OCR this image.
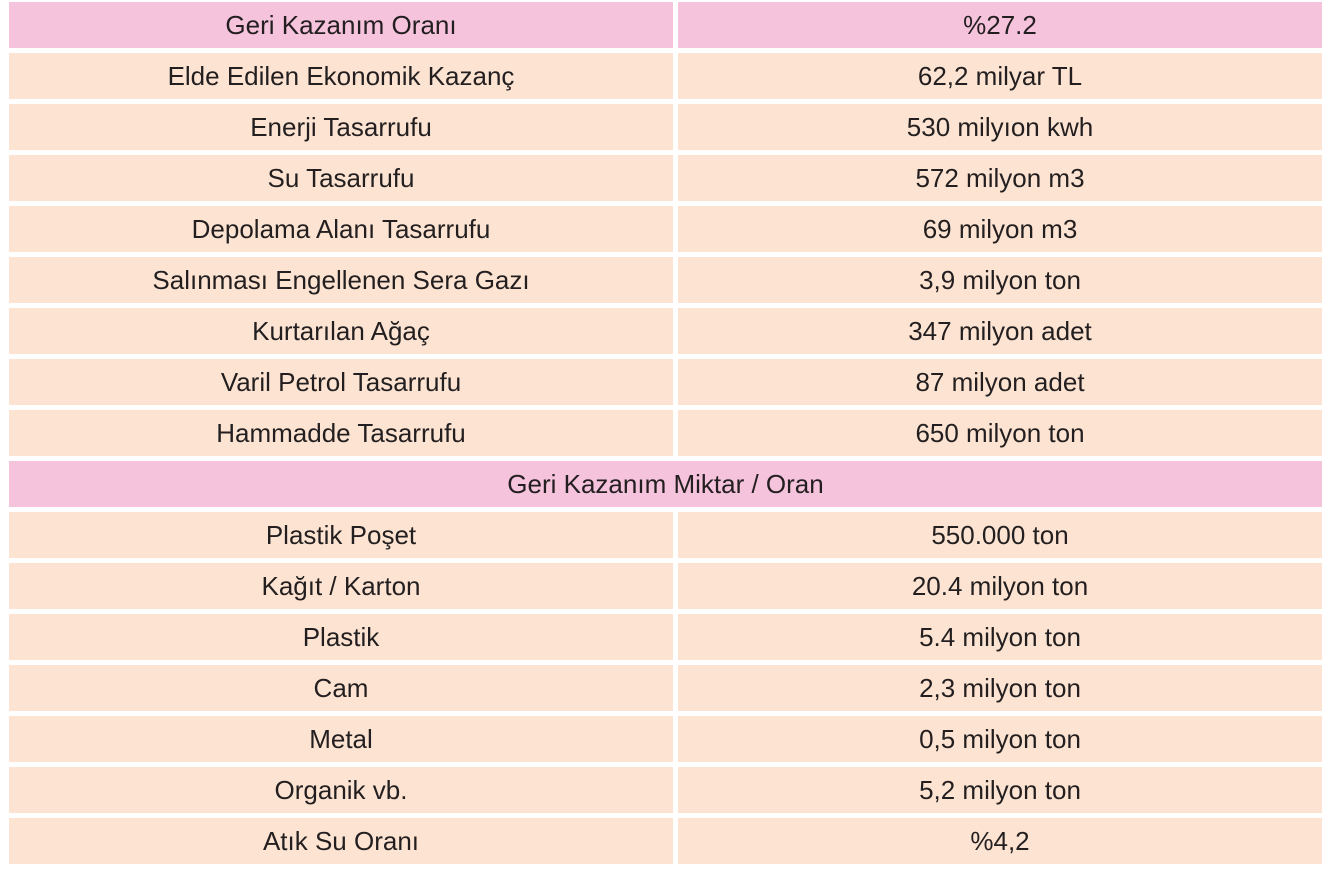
Geri Kazanım Oranı	%27.2
Elde Edilen Ekonomik Kazanç	62,2 milyar TL
Enerji Tasarrufu	530 milyıon kwh
Su Tasarrufu	572 milyon m3
Depolama Alanı Tasarrufu	69 milyon m3
Salınması Engellenen Sera Gazı	3,9 milyon ton
Kurtarılan Ağaç	347 milyon adet
Varil Petrol Tasarrufu	87 milyon adet
Hammadde Tasarrufu	650 milyon ton
Geri Kazanım Miktar / Oran	
Plastik Poşet	550.000 ton
Kağıt / Karton	20.4 milyon ton
Plastik	5.4 milyon ton
Cam	2,3 milyon ton
Metal	0,5 milyon ton
Organik vb.	5,2 milyon ton
Atık Su Oranı	%4,2
